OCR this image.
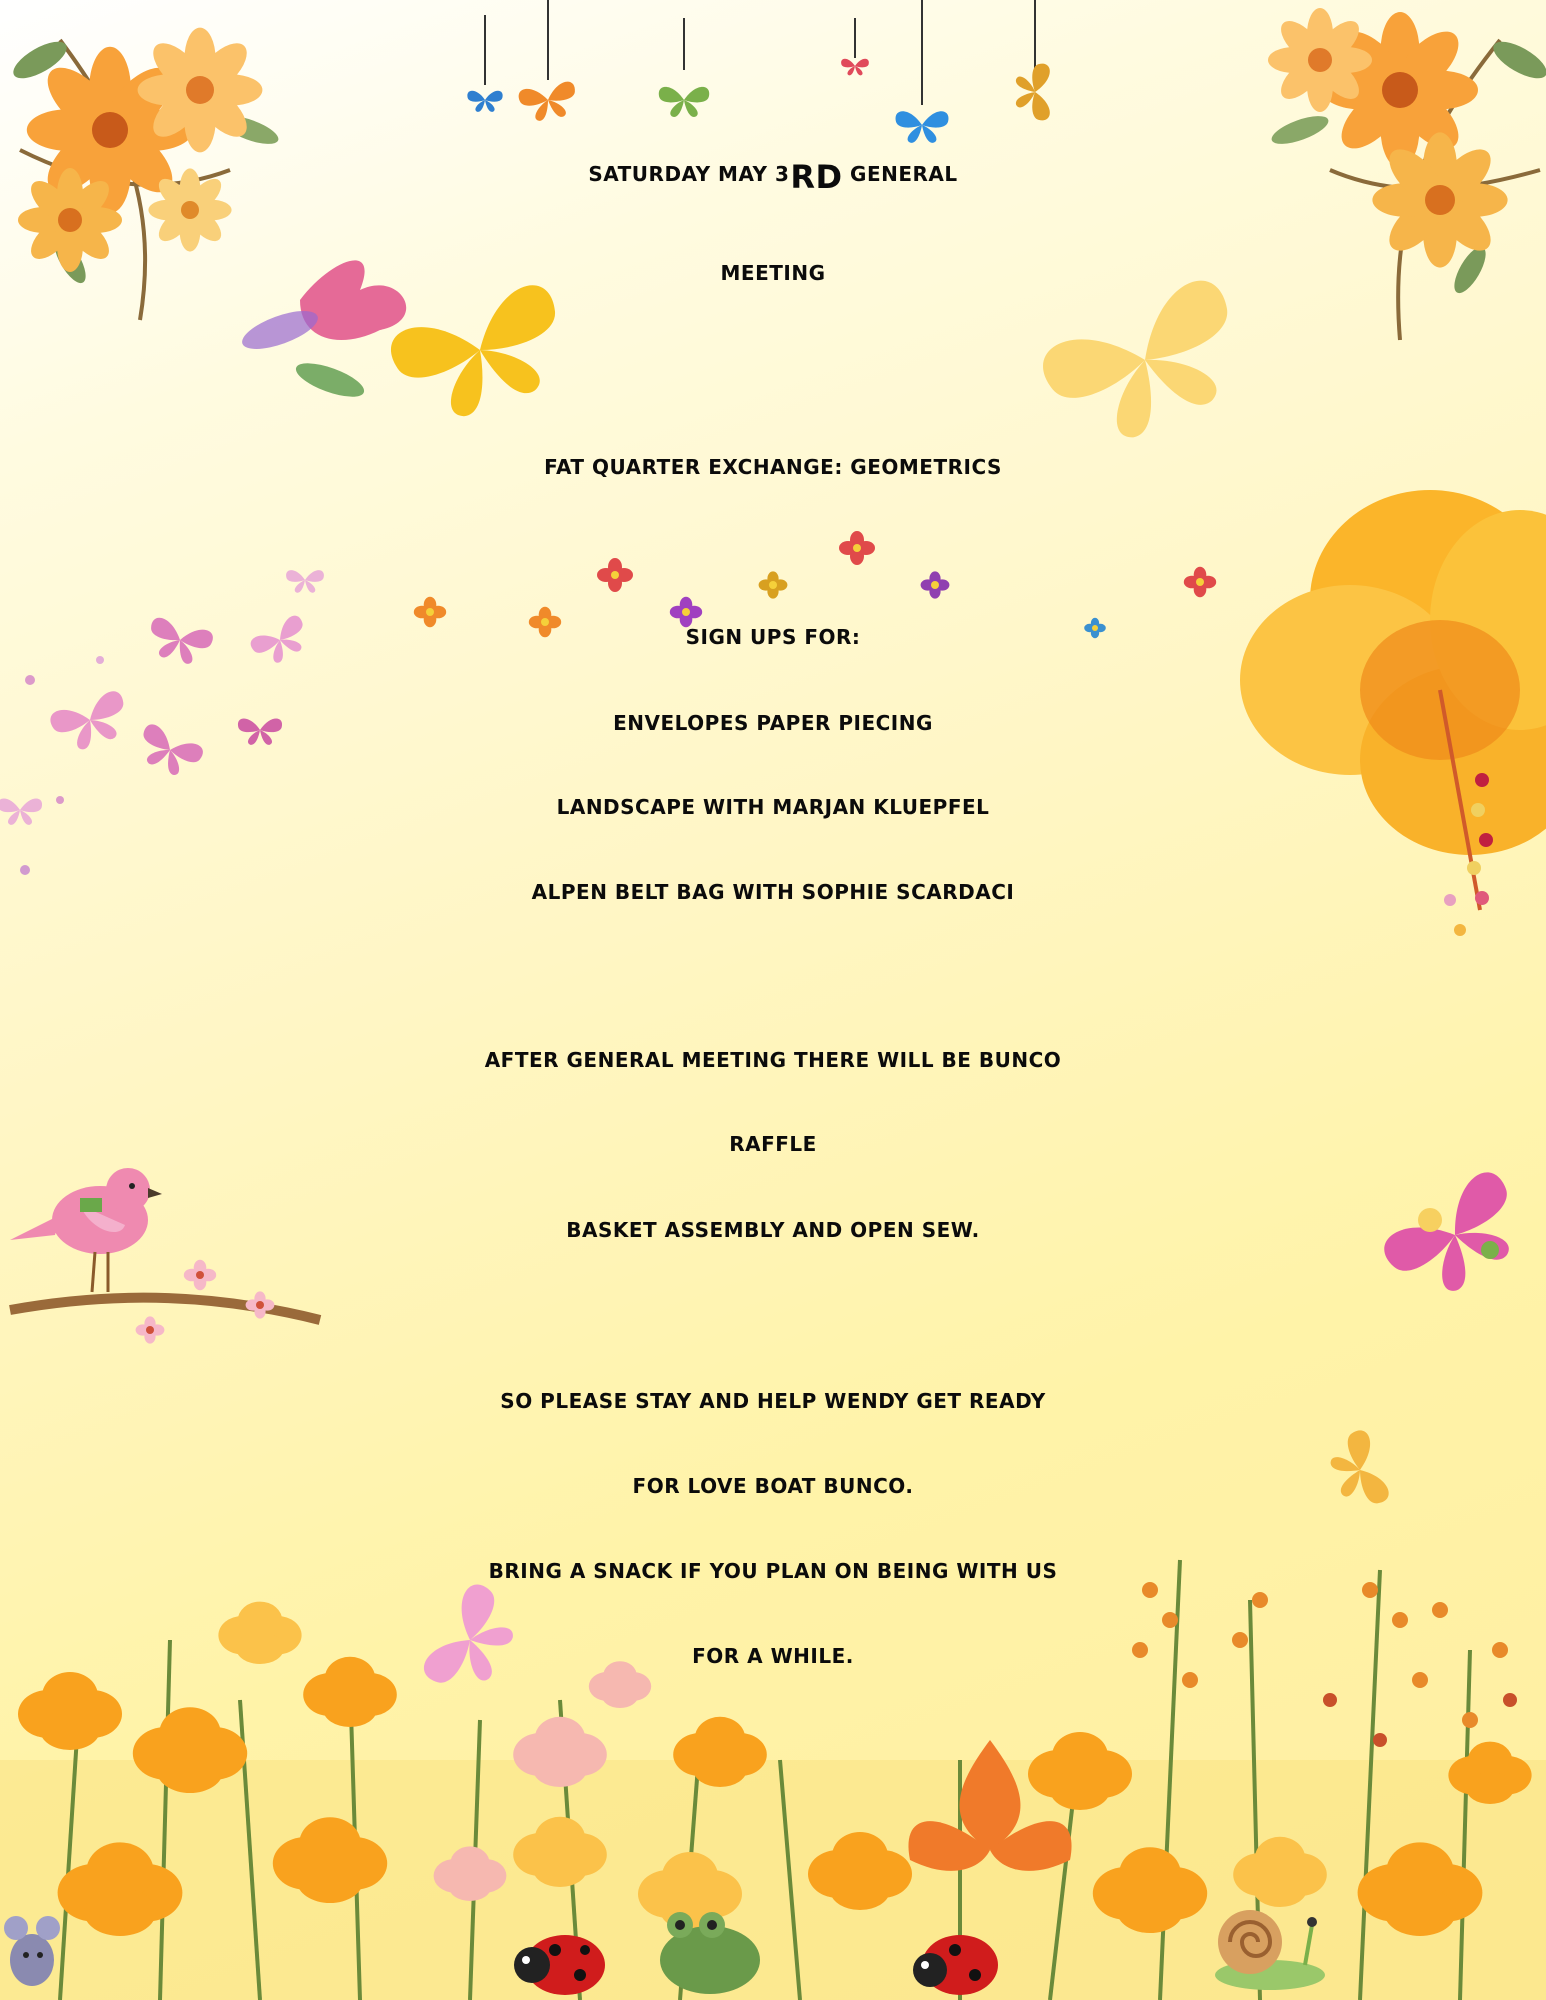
SATURDAY MAY 3RD GENERAL
MEETING
FAT QUARTER EXCHANGE: GEOMETRICS
SIGN UPS FOR:
ENVELOPES PAPER PIECING
LANDSCAPE WITH MARJAN KLUEPFEL
ALPEN BELT BAG WITH SOPHIE SCARDACI
AFTER GENERAL MEETING THERE WILL BE BUNCO
RAFFLE
BASKET ASSEMBLY AND OPEN SEW.
SO PLEASE STAY AND HELP WENDY GET READY
FOR LOVE BOAT BUNCO.
BRING A SNACK IF YOU PLAN ON BEING WITH US
FOR A WHILE.
